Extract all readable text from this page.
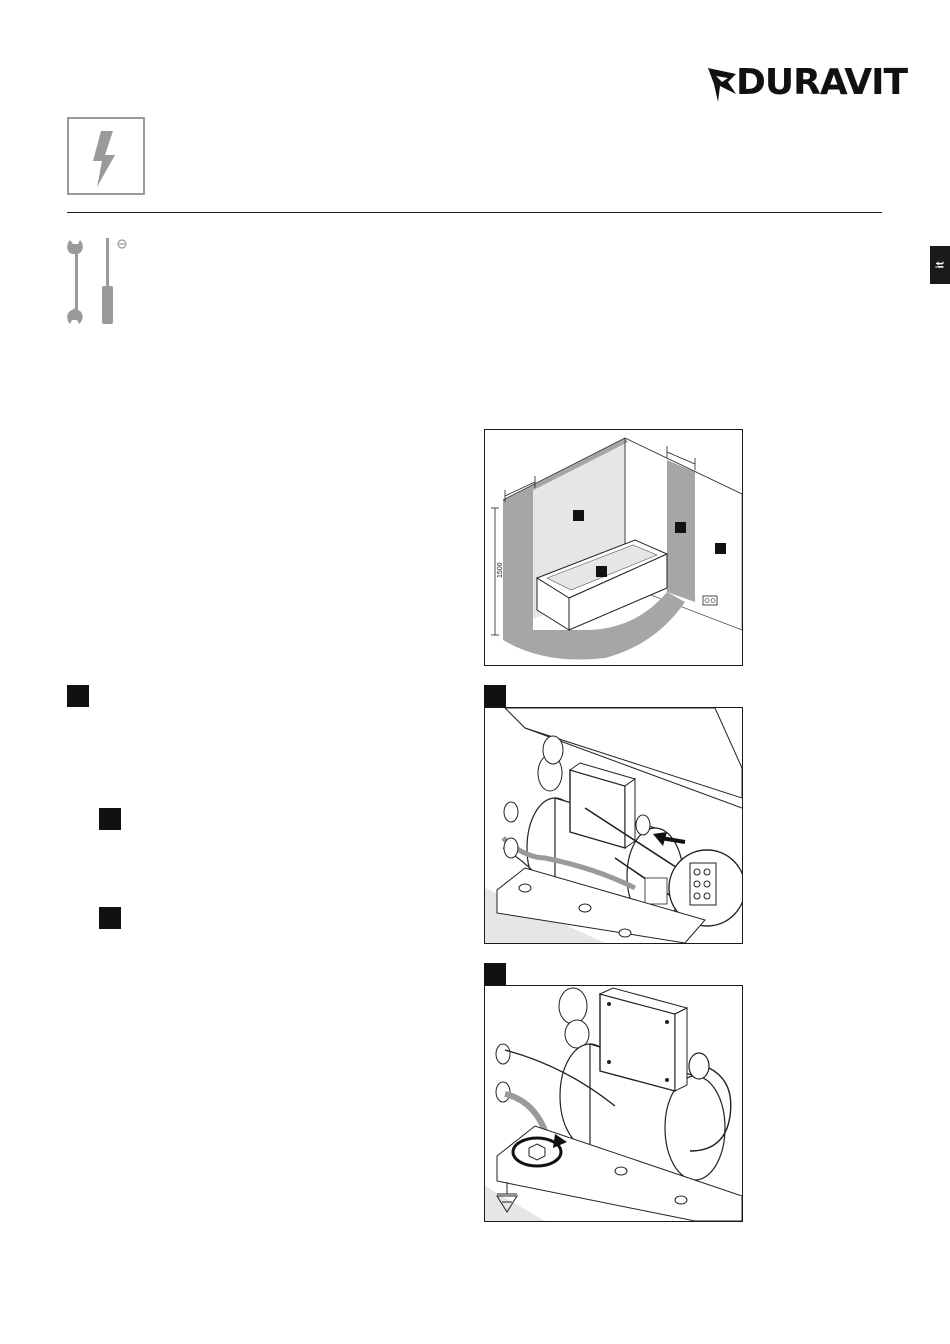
DURAVIT
it
1500
